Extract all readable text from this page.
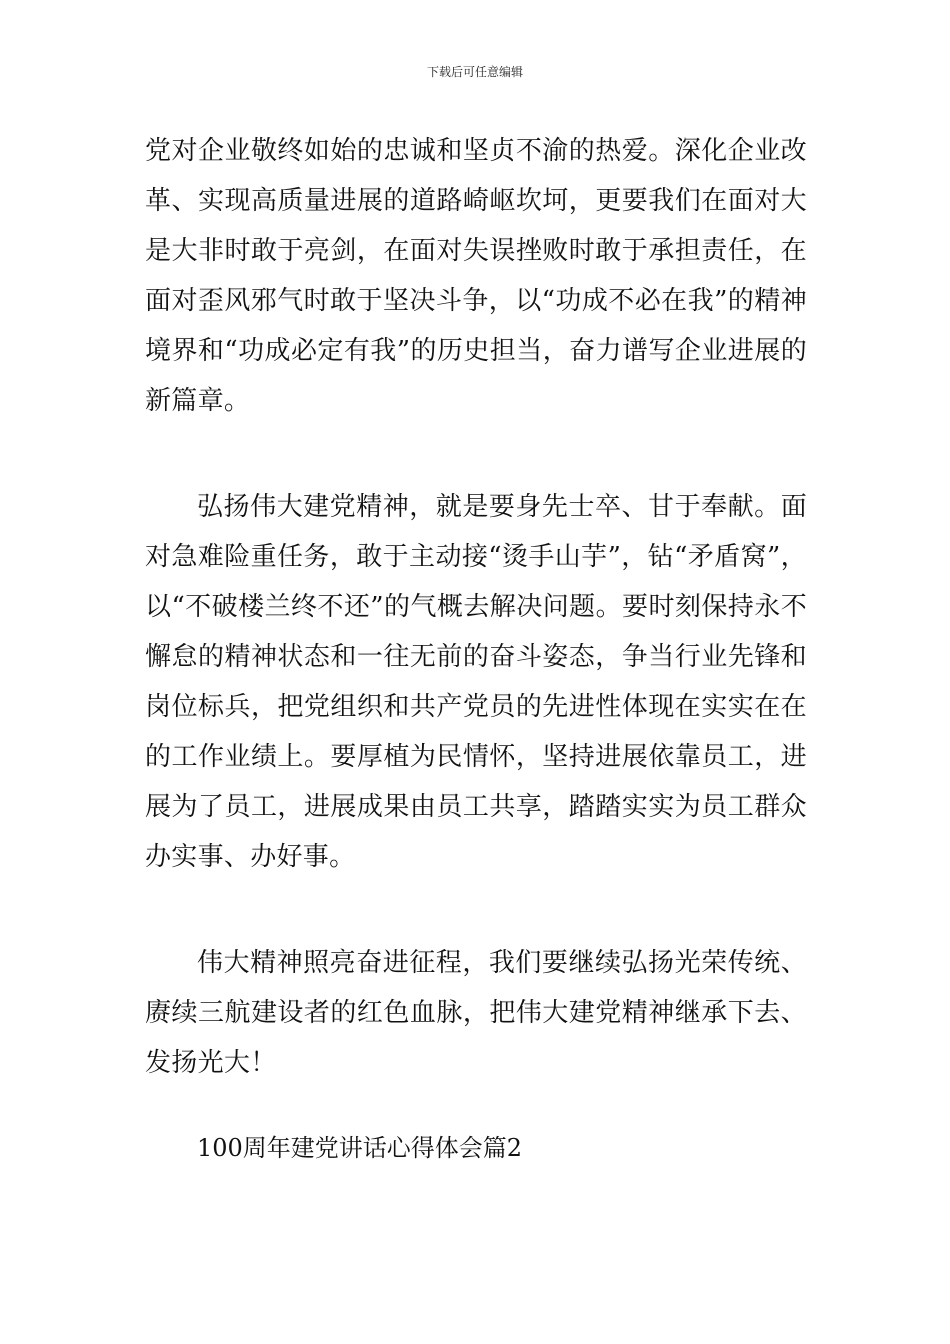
下载后可任意编辑

党对企业敬终如始的忠诚和坚贞不渝的热爱。深化企业改革、实现高质量进展的道路崎岖坎坷，更要我们在面对大是大非时敢于亮剑，在面对失误挫败时敢于承担责任，在面对歪风邪气时敢于坚决斗争，以“功成不必在我”的精神境界和“功成必定有我”的历史担当，奋力谱写企业进展的新篇章。

弘扬伟大建党精神，就是要身先士卒、甘于奉献。面对急难险重任务，敢于主动接“烫手山芋”，钻“矛盾窝”，以“不破楼兰终不还”的气概去解决问题。要时刻保持永不懈怠的精神状态和一往无前的奋斗姿态，争当行业先锋和岗位标兵，把党组织和共产党员的先进性体现在实实在在的工作业绩上。要厚植为民情怀，坚持进展依靠员工，进展为了员工，进展成果由员工共享，踏踏实实为员工群众办实事、办好事。

伟大精神照亮奋进征程，我们要继续弘扬光荣传统、赓续三航建设者的红色血脉，把伟大建党精神继承下去、发扬光大！

100周年建党讲话心得体会篇2
